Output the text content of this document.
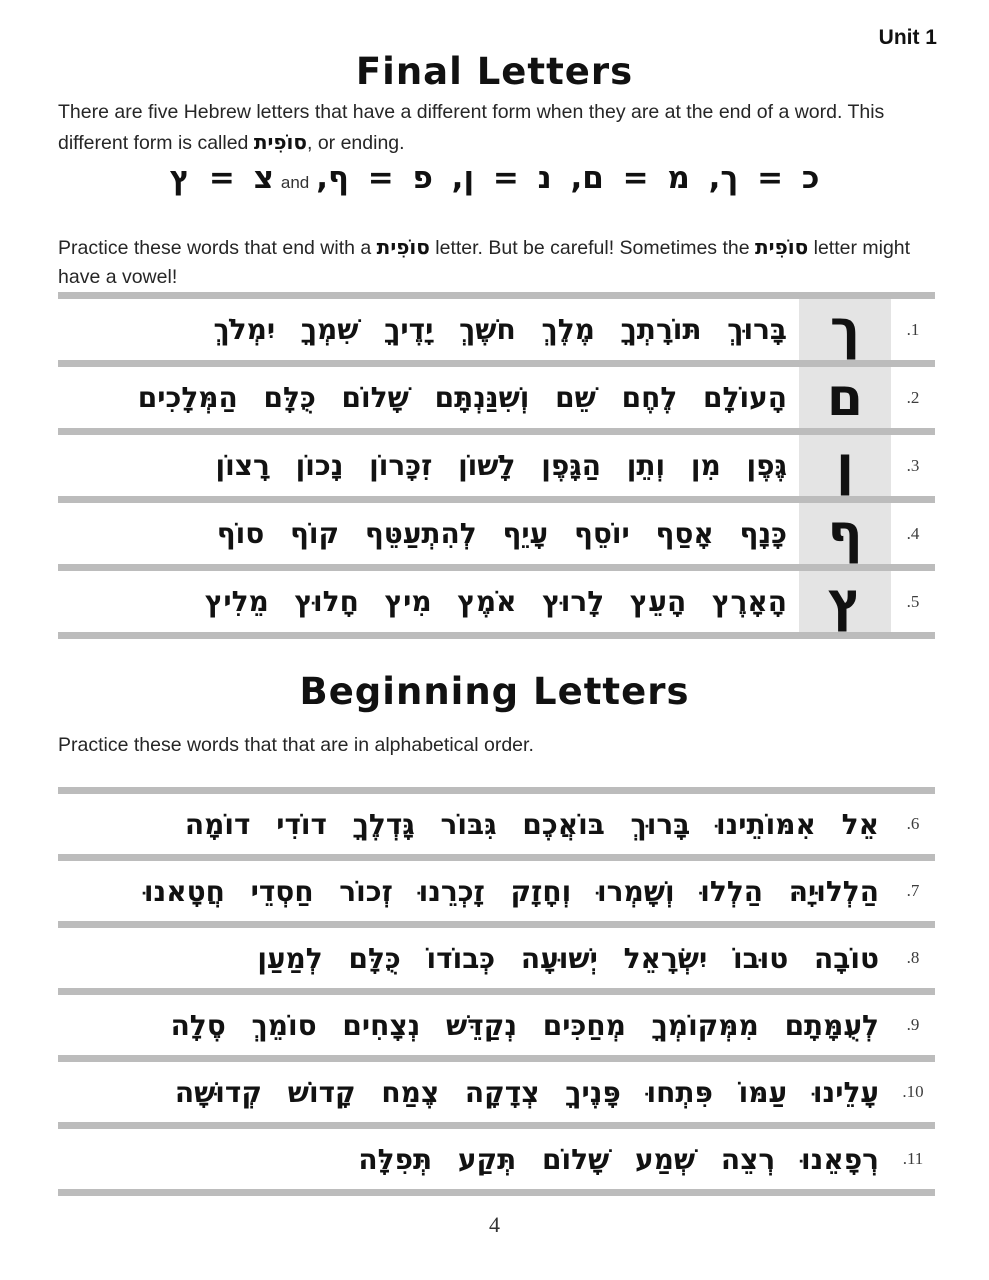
Unit 1
Final Letters
There are five Hebrew letters that have a different form when they are at the end of a word. This different form is called סוֹפִית, or ending.
כ = ך, מ = ם, נ = ן, פ = ף,andצ = ץ
Practice these words that end with a סוֹפִית letter. But be careful! Sometimes the סוֹפִית letter might have a vowel!
בָּרוּךְ תּוֹרָתְךָ מֶלֶךְ חשֶׁךְ יָדֶיךָ שִׁמְךָ יִמְלֹךְ ך	.1
הָעוֹלָם לֶחֶם שֵׁם וְשִׁנַּנְתָּם שָׁלוֹם כֻּלָּם הַמְּלָכִים ם	.2
גֶּפֶן מִן וְתֵן הַגָּפֶן לָשׁוֹן זִכָּרוֹן נָכוֹן רָצוֹן ן	.3
כָּנָף אָסַף יוֹסֵף עָיֵף לְהִתְעַטֵּף קוֹף סוֹף ף	.4
הָאָרֶץ הָעֵץ לָרוּץ אֹמֶץ מִיץ חָלוּץ מֵלִיץ ץ	.5
Beginning Letters
Practice these words that that are in alphabetical order.
אֵל אִמּוֹתֵינוּ בָּרוּךְ בּוֹאֲכֶם גִּבּוֹר גָּדְלֶךָ דוֹדִי דוֹמָה	.6
הַלְלוּיָהּ הַלְלוּ וְשָׁמְרוּ וְחָזָק זָכְרֵנוּ זְכוֹר חַסְדֵי חֲטָאנוּ	.7
טוֹבָה טוּבוֹ יִשְׂרָאֵל יְשׁוּעָה כְּבוֹדוֹ כֻּלָּם לְמַעַן	.8
לְעֻמָּתָם מִמְּקוֹמְךָ מְחַכִּים נְקַדֵּשׁ נְצָחִים סוֹמֵךְ סֶלָה	.9
עָלֵינוּ עַמּוֹ פִּתְחוּ פָּנֶיךָ צְדָקָה צֶמַח קָדוֹשׁ קְדוּשָׁה	.10
רְפָאֵנוּ רְצֵה שְׁמַע שָׁלוֹם תְּקַע תְּפִלָּה	.11
4
